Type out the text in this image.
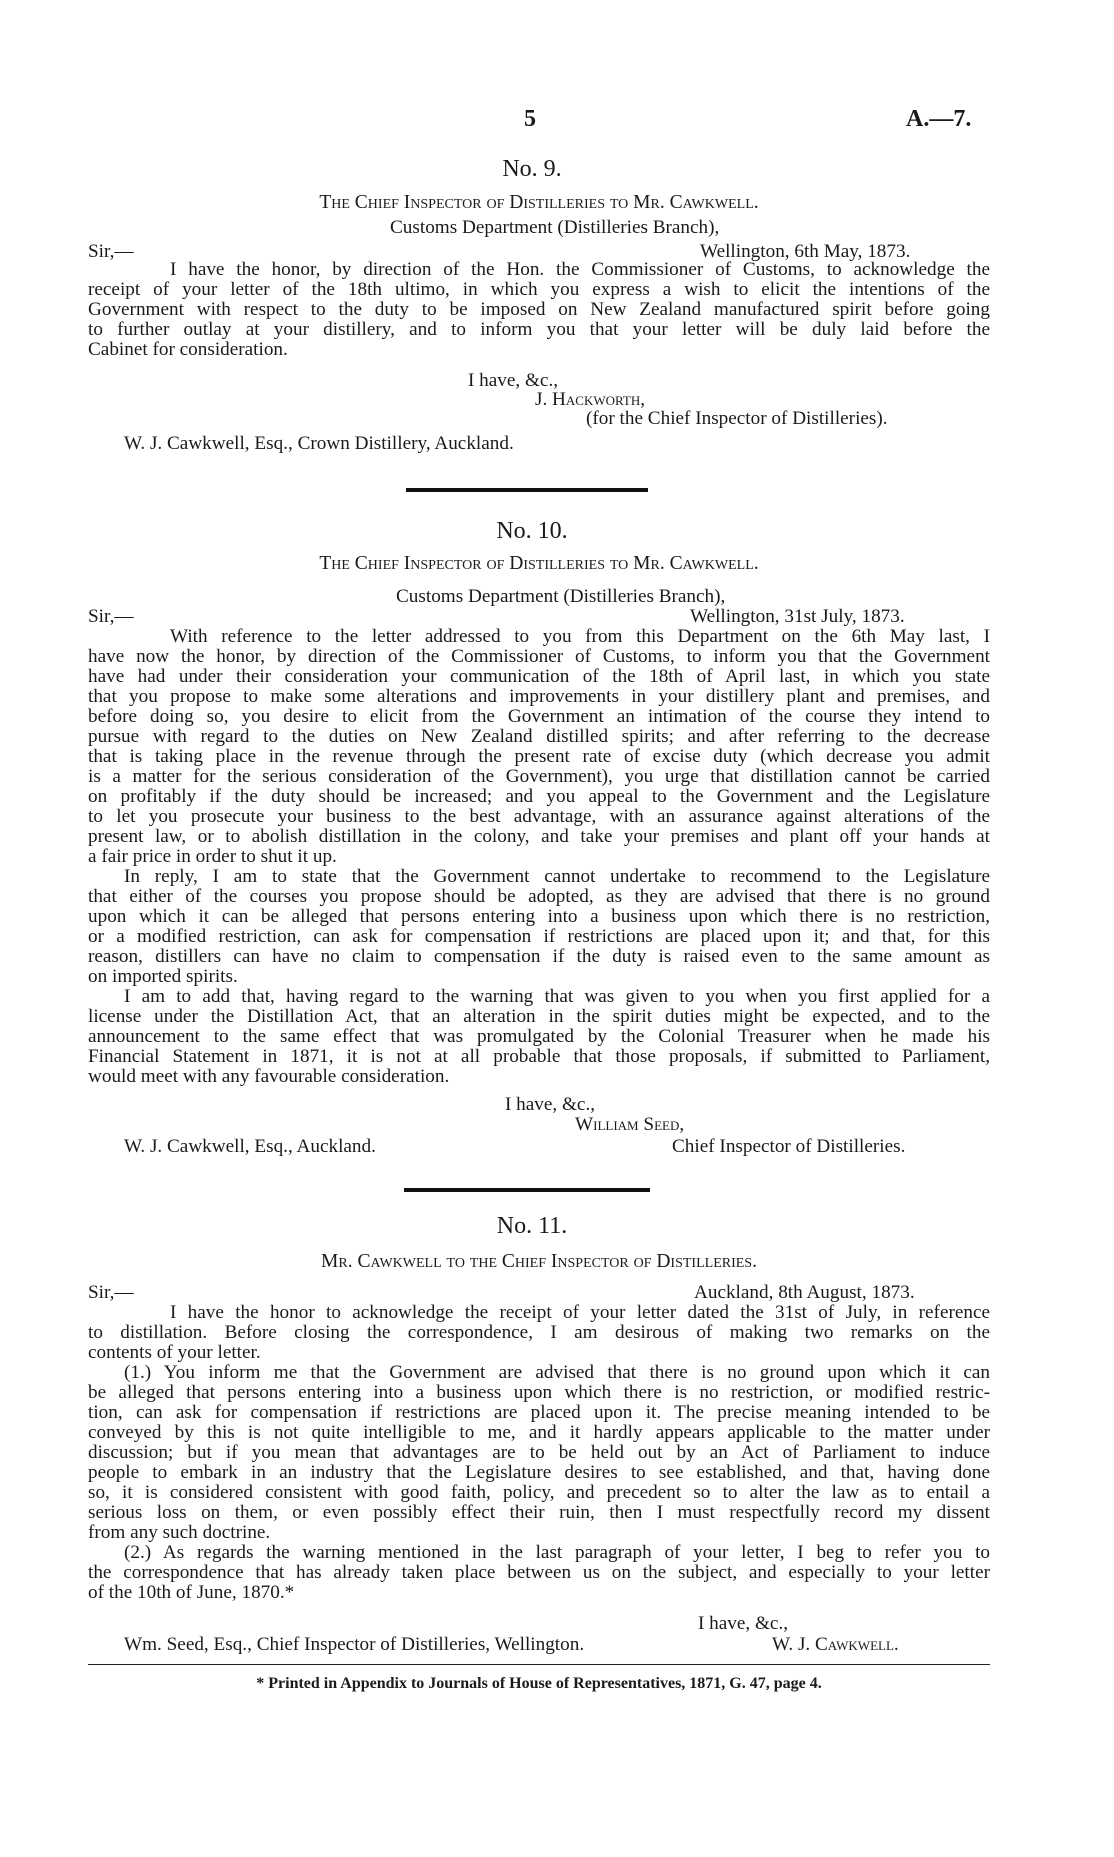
5	A.—7.
No. 9.
The Chief Inspector of Distilleries to Mr. Cawkwell.
Customs Department (Distilleries Branch),
Sir,—	Wellington, 6th May, 1873.
I have the honor, by direction of the Hon. the Commissioner of Customs, to acknowledge the
receipt of your letter of the 18th ultimo, in which you express a wish to elicit the intentions of the
Government with respect to the duty to be imposed on New Zealand manufactured spirit before going
to further outlay at your distillery, and to inform you that your letter will be duly laid before the
Cabinet for consideration.
I have, &c.,
J. Hackworth,
(for the Chief Inspector of Distilleries).
W. J. Cawkwell, Esq., Crown Distillery, Auckland.
No. 10.
The Chief Inspector of Distilleries to Mr. Cawkwell.
Customs Department (Distilleries Branch),
Sir,—	Wellington, 31st July, 1873.
With reference to the letter addressed to you from this Department on the 6th May last, I
have now the honor, by direction of the Commissioner of Customs, to inform you that the Government
have had under their consideration your communication of the 18th of April last, in which you state
that you propose to make some alterations and improvements in your distillery plant and premises, and
before doing so, you desire to elicit from the Government an intimation of the course they intend to
pursue with regard to the duties on New Zealand distilled spirits; and after referring to the decrease
that is taking place in the revenue through the present rate of excise duty (which decrease you admit
is a matter for the serious consideration of the Government), you urge that distillation cannot be carried
on profitably if the duty should be increased; and you appeal to the Government and the Legislature
to let you prosecute your business to the best advantage, with an assurance against alterations of the
present law, or to abolish distillation in the colony, and take your premises and plant off your hands at
a fair price in order to shut it up.
In reply, I am to state that the Government cannot undertake to recommend to the Legislature
that either of the courses you propose should be adopted, as they are advised that there is no ground
upon which it can be alleged that persons entering into a business upon which there is no restriction,
or a modified restriction, can ask for compensation if restrictions are placed upon it; and that, for this
reason, distillers can have no claim to compensation if the duty is raised even to the same amount as
on imported spirits.
I am to add that, having regard to the warning that was given to you when you first applied for a
license under the Distillation Act, that an alteration in the spirit duties might be expected, and to the
announcement to the same effect that was promulgated by the Colonial Treasurer when he made his
Financial Statement in 1871, it is not at all probable that those proposals, if submitted to Parliament,
would meet with any favourable consideration.
I have, &c.,
William Seed,
W. J. Cawkwell, Esq., Auckland.	Chief Inspector of Distilleries.
No. 11.
Mr. Cawkwell to the Chief Inspector of Distilleries.
Sir,—	Auckland, 8th August, 1873.
I have the honor to acknowledge the receipt of your letter dated the 31st of July, in reference
to distillation. Before closing the correspondence, I am desirous of making two remarks on the
contents of your letter.
(1.) You inform me that the Government are advised that there is no ground upon which it can
be alleged that persons entering into a business upon which there is no restriction, or modified restric-
tion, can ask for compensation if restrictions are placed upon it. The precise meaning intended to be
conveyed by this is not quite intelligible to me, and it hardly appears applicable to the matter under
discussion; but if you mean that advantages are to be held out by an Act of Parliament to induce
people to embark in an industry that the Legislature desires to see established, and that, having done
so, it is considered consistent with good faith, policy, and precedent so to alter the law as to entail a
serious loss on them, or even possibly effect their ruin, then I must respectfully record my dissent
from any such doctrine.
(2.) As regards the warning mentioned in the last paragraph of your letter, I beg to refer you to
the correspondence that has already taken place between us on the subject, and especially to your letter
of the 10th of June, 1870.*
I have, &c.,
Wm. Seed, Esq., Chief Inspector of Distilleries, Wellington.	W. J. Cawkwell.
* Printed in Appendix to Journals of House of Representatives, 1871, G. 47, page 4.
